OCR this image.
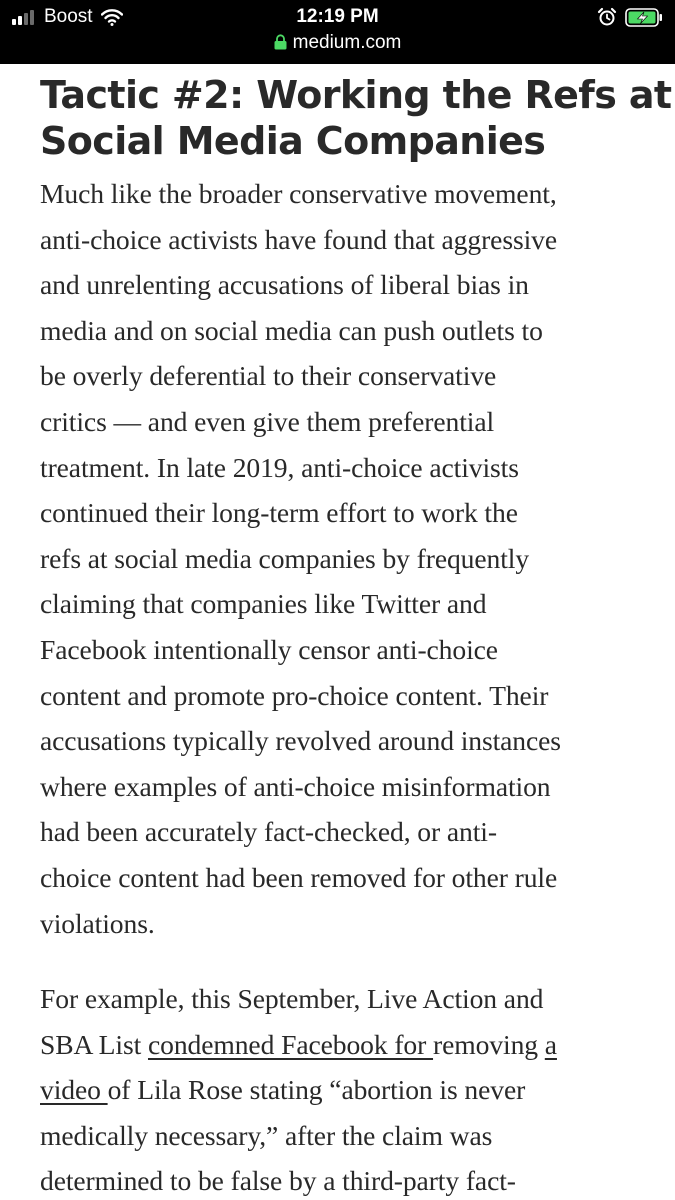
Boost	12:19 PM
medium.com
Tactic #2: Working the Refs at
Social Media Companies
Much like the broader conservative movement,
anti-choice activists have found that aggressive
and unrelenting accusations of liberal bias in
media and on social media can push outlets to
be overly deferential to their conservative
critics — and even give them preferential
treatment. In late 2019, anti-choice activists
continued their long-term effort to work the
refs at social media companies by frequently
claiming that companies like Twitter and
Facebook intentionally censor anti-choice
content and promote pro-choice content. Their
accusations typically revolved around instances
where examples of anti-choice misinformation
had been accurately fact-checked, or anti-
choice content had been removed for other rule
violations.
For example, this September, Live Action and
SBA List condemned Facebook for removing a
video of Lila Rose stating “abortion is never
medically necessary,” after the claim was
determined to be false by a third-party fact-
